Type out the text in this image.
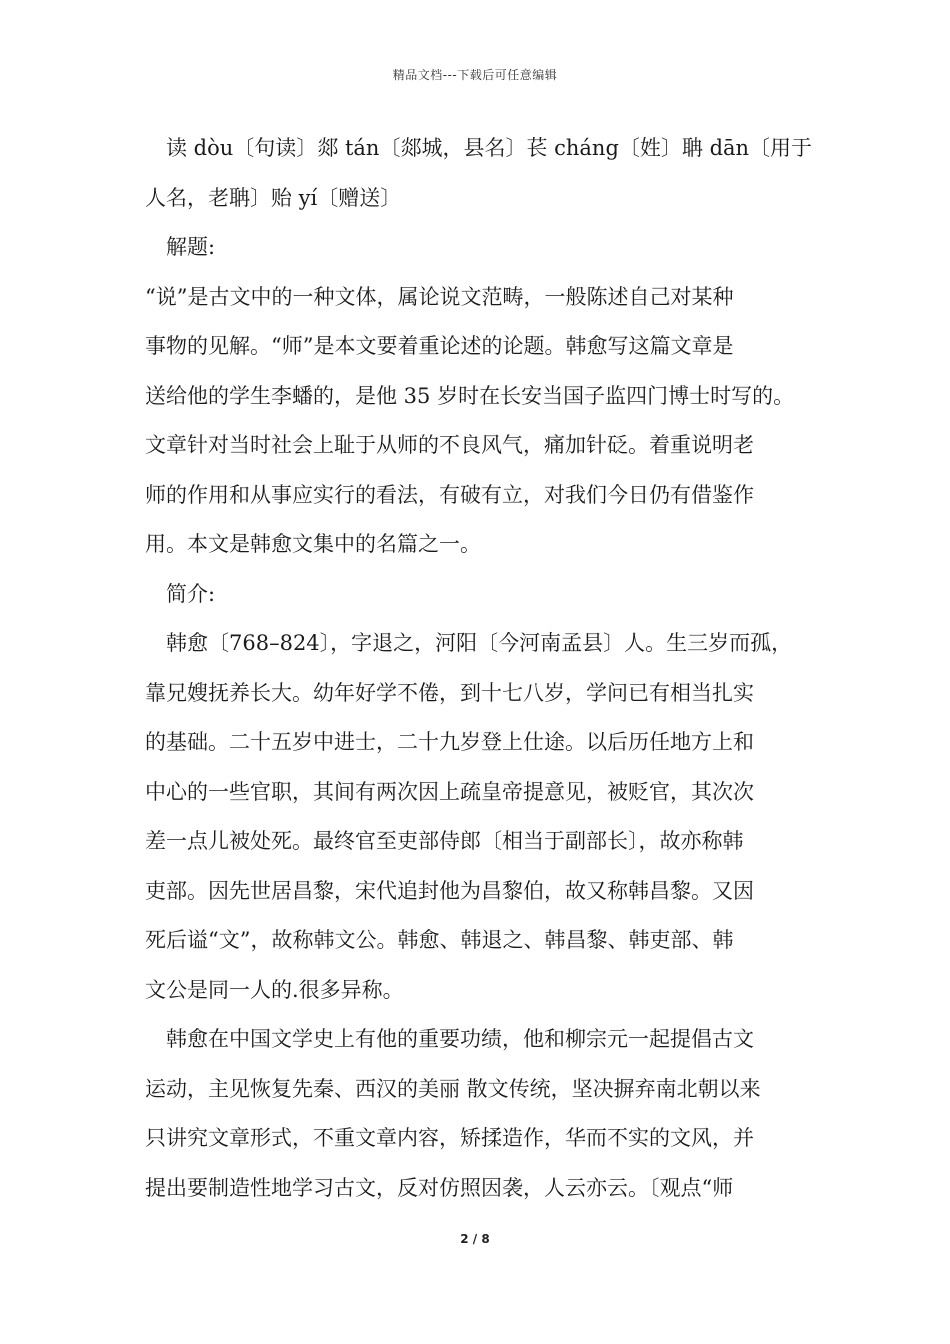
精品文档---下载后可任意编辑
读 dòu〔句读〕郯 tán〔郯城，县名〕苌 cháng〔姓〕聃 dān〔用于
人名，老聃〕贻 yí〔赠送〕
解题:
“说”是古文中的一种文体，属论说文范畴，一般陈述自己对某种
事物的见解。“师”是本文要着重论述的论题。韩愈写这篇文章是
送给他的学生李蟠的，是他 35 岁时在长安当国子监四门博士时写的。
文章针对当时社会上耻于从师的不良风气，痛加针砭。着重说明老
师的作用和从事应实行的看法，有破有立，对我们今日仍有借鉴作
用。本文是韩愈文集中的名篇之一。
简介:
韩愈〔768–824〕，字退之，河阳〔今河南孟县〕人。生三岁而孤，
靠兄嫂抚养长大。幼年好学不倦，到十七八岁，学问已有相当扎实
的基础。二十五岁中进士，二十九岁登上仕途。以后历任地方上和
中心的一些官职，其间有两次因上疏皇帝提意见，被贬官，其次次
差一点儿被处死。最终官至吏部侍郎〔相当于副部长〕，故亦称韩
吏部。因先世居昌黎，宋代追封他为昌黎伯，故又称韩昌黎。又因
死后谥“文”，故称韩文公。韩愈、韩退之、韩昌黎、韩吏部、韩
文公是同一人的.很多异称。
韩愈在中国文学史上有他的重要功绩，他和柳宗元一起提倡古文
运动，主见恢复先秦、西汉的美丽 散文传统，坚决摒弃南北朝以来
只讲究文章形式，不重文章内容，矫揉造作，华而不实的文风，并
提出要制造性地学习古文，反对仿照因袭，人云亦云。〔观点“师
2 / 8
